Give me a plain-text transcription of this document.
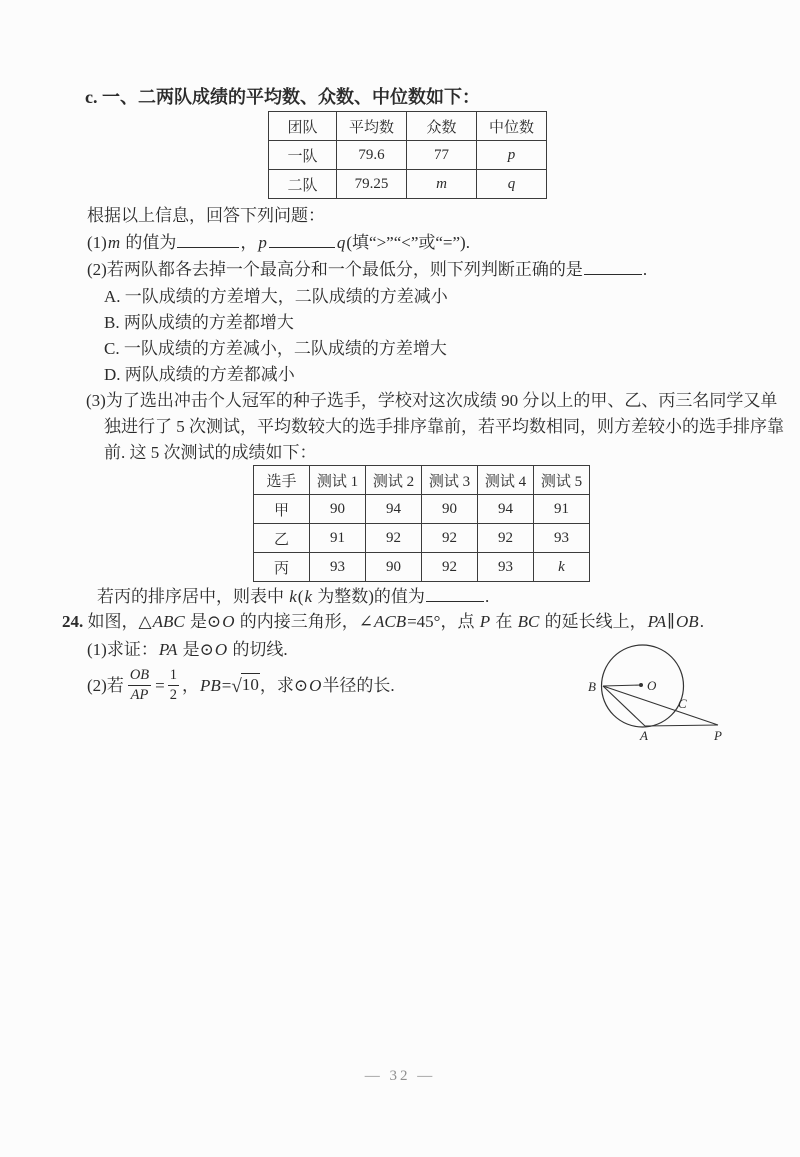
c. 一、二两队成绩的平均数、众数、中位数如下：
团队	平均数	众数	中位数
一队	79.6	77	p
二队	79.25	m	q
根据以上信息，回答下列问题：
(1)m 的值为	，p	q(填“>”“<”或“=”).
(2)若两队都各去掉一个最高分和一个最低分，则下列判断正确的是	.
A. 一队成绩的方差增大，二队成绩的方差减小
B. 两队成绩的方差都增大
C. 一队成绩的方差减小，二队成绩的方差增大
D. 两队成绩的方差都减小
(3)为了选出冲击个人冠军的种子选手，学校对这次成绩 90 分以上的甲、乙、丙三名同学又单
独进行了 5 次测试，平均数较大的选手排序靠前，若平均数相同，则方差较小的选手排序靠
前. 这 5 次测试的成绩如下：
选手	测试 1	测试 2	测试 3	测试 4	测试 5
甲	90	94	90	94	91
乙	91	92	92	92	93
丙	93	90	92	93	k
若丙的排序居中，则表中 k(k 为整数)的值为	.
24. 如图，△ABC 是⊙O 的内接三角形，∠ACB=45°，点 P 在 BC 的延长线上，PA∥OB.
(1)求证：PA 是⊙O 的切线.
(2)若 $\frac{OB}{AP} = \frac{1}{2}$ ， PB = √10 ，求⊙ O 半径的长.	B	O
C
A	P
— 32 —
